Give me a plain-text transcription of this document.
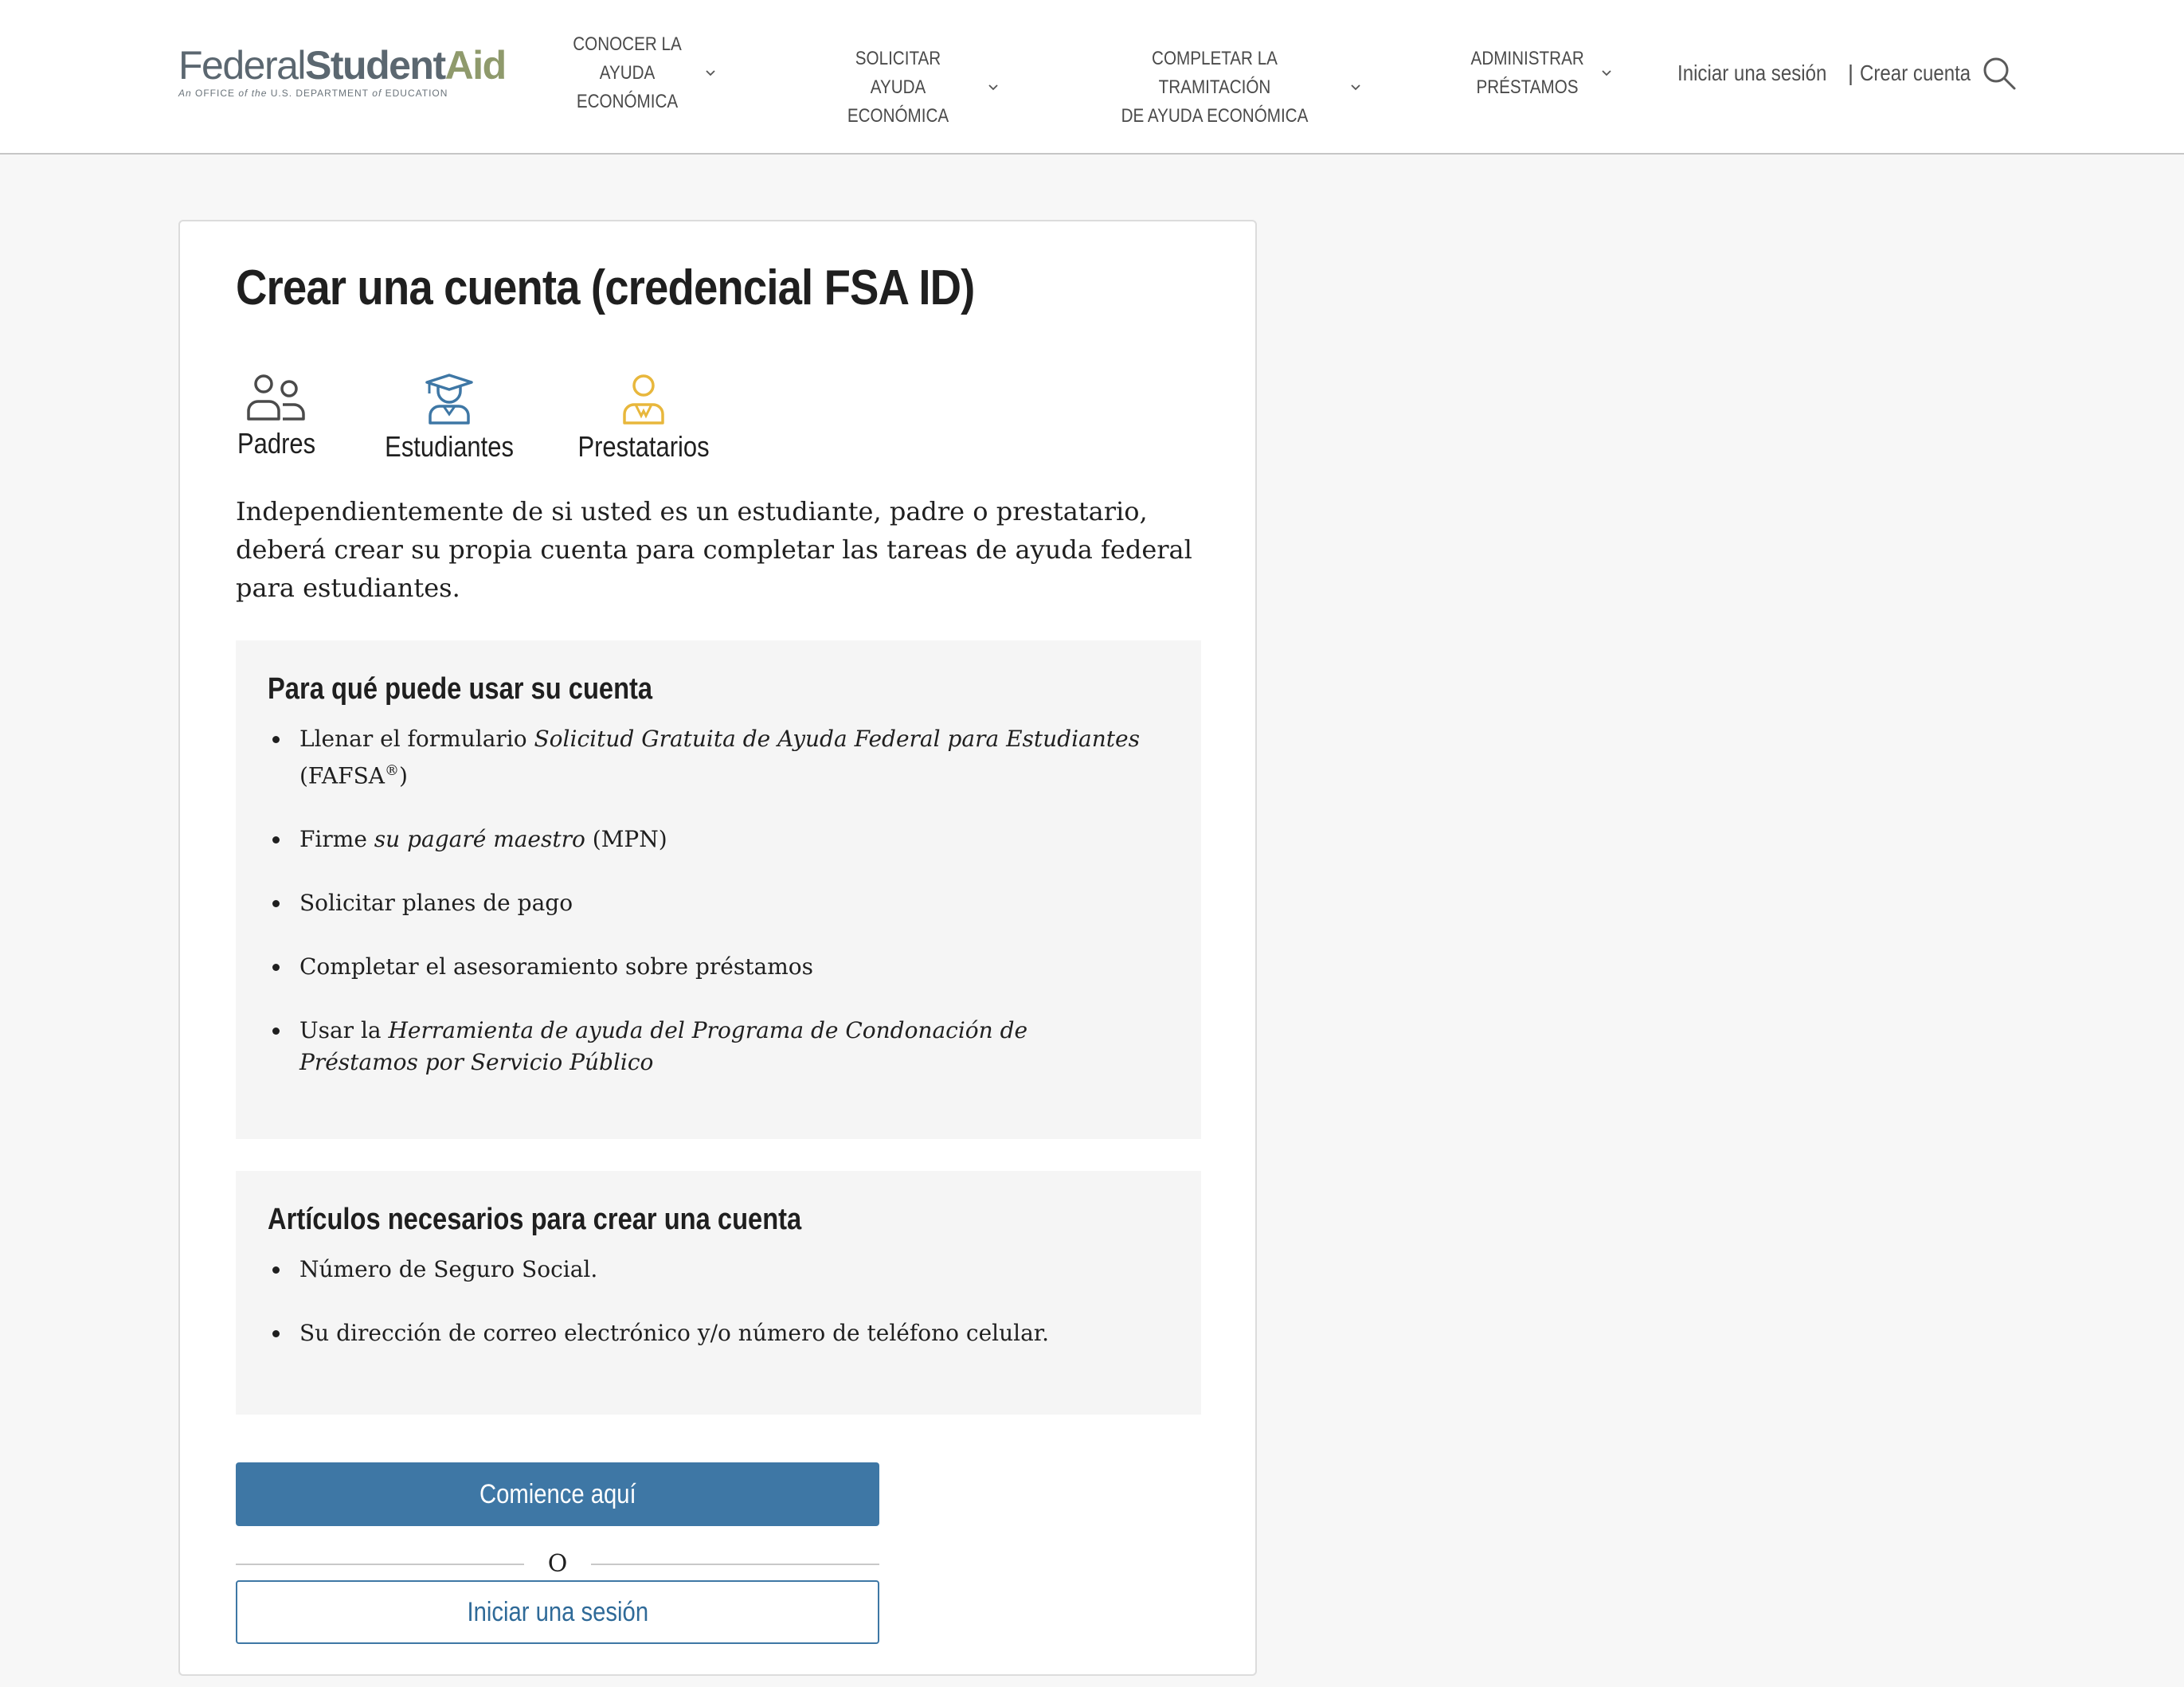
FederalStudentAid
An OFFICE of the U.S. DEPARTMENT of EDUCATION
CONOCER LA
AYUDA
ECONÓMICA
SOLICITAR AYUDA
ECONÓMICA
COMPLETAR LA TRAMITACIÓN
DE AYUDA ECONÓMICA
ADMINISTRAR
PRÉSTAMOS
Iniciar una sesión | Crear cuenta
Crear una cuenta (credencial FSA ID)
Padres Estudiantes Prestatarios

Independientemente de si usted es un estudiante, padre o prestatario, deberá crear su propia cuenta para completar las tareas de ayuda federal para estudiantes.

Para qué puede usar su cuenta
Llenar el formulario Solicitud Gratuita de Ayuda Federal para Estudiantes (FAFSA®)
Firme su pagaré maestro (MPN)
Solicitar planes de pago
Completar el asesoramiento sobre préstamos
Usar la Herramienta de ayuda del Programa de Condonación de Préstamos por Servicio Público
Artículos necesarios para crear una cuenta
Número de Seguro Social.
Su dirección de correo electrónico y/o número de teléfono celular.
Comience aquí
O
Iniciar una sesión
